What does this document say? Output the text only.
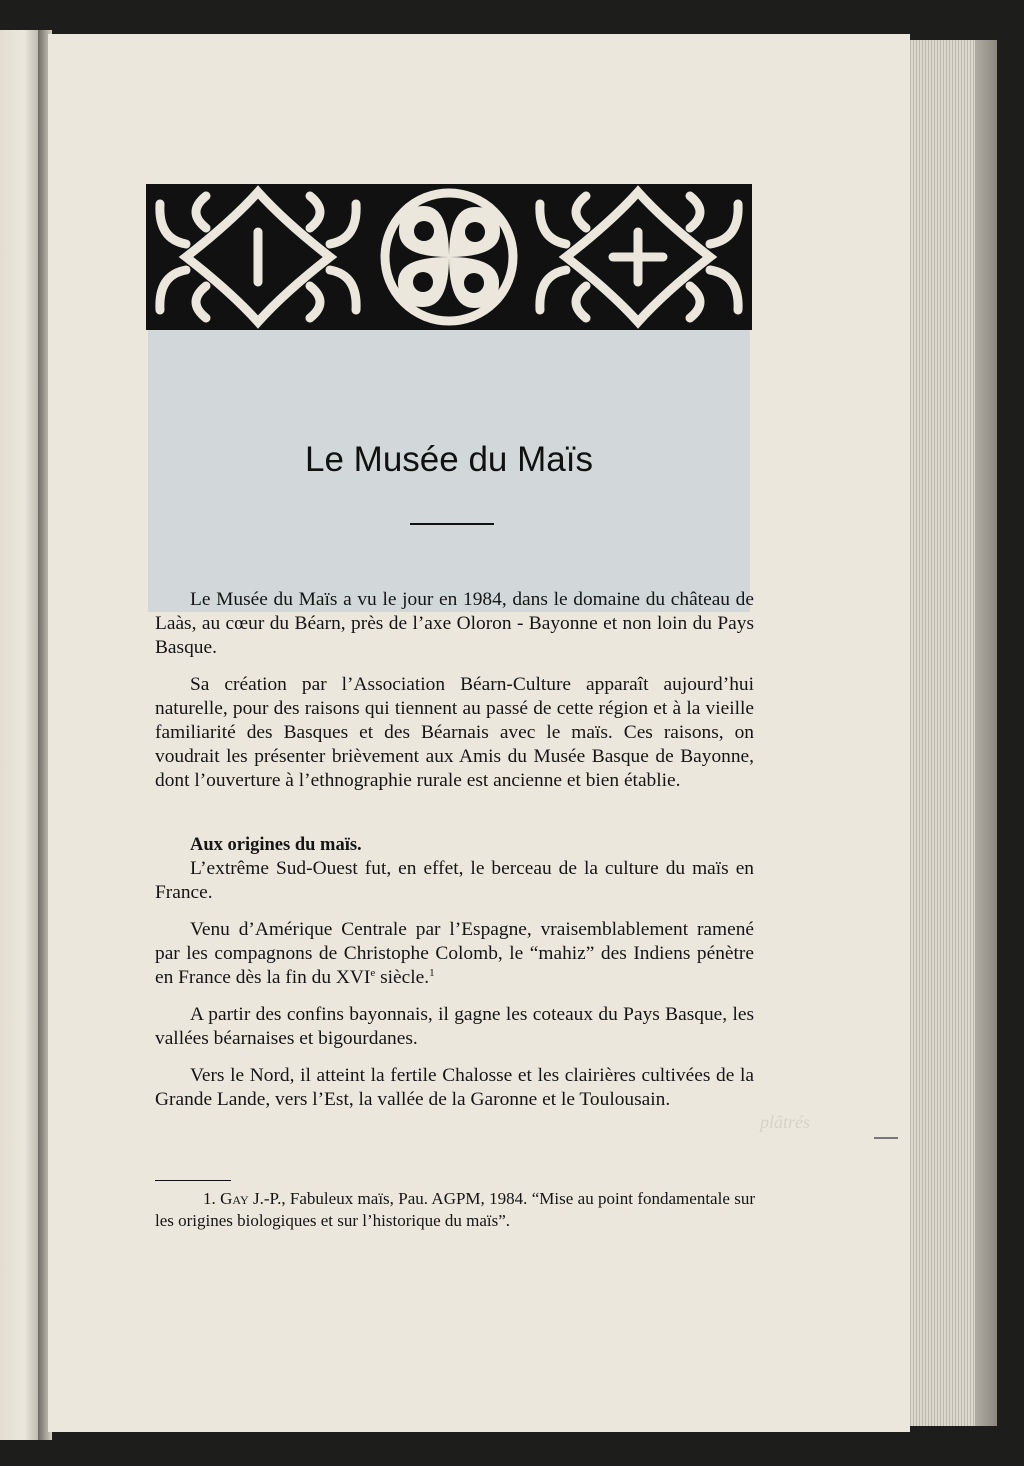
Le Musée du Maïs

Le Musée du Maïs a vu le jour en 1984, dans le domaine du château de Laàs, au cœur du Béarn, près de l’axe Oloron - Bayonne et non loin du Pays Basque.

Sa création par l’Association Béarn-Culture apparaît aujourd’hui naturelle, pour des raisons qui tiennent au passé de cette région et à la vieille familiarité des Basques et des Béarnais avec le maïs. Ces raisons, on voudrait les présenter brièvement aux Amis du Musée Basque de Bayonne, dont l’ouverture à l’ethnographie rurale est ancienne et bien établie.

Aux origines du maïs.

L’extrême Sud-Ouest fut, en effet, le berceau de la culture du maïs en France.

Venu d’Amérique Centrale par l’Espagne, vraisemblablement ramené par les compagnons de Christophe Colomb, le “mahiz” des Indiens pénètre en France dès la fin du XVIe siècle.$^1$

A partir des confins bayonnais, il gagne les coteaux du Pays Basque, les vallées béarnaises et bigourdanes.

Vers le Nord, il atteint la fertile Chalosse et les clairières cultivées de la Grande Lande, vers l’Est, la vallée de la Garonne et le Toulousain.

1. Gay J.-P., Fabuleux maïs, Pau. AGPM, 1984. “Mise au point fondamentale sur les origines biologiques et sur l’historique du maïs”.
